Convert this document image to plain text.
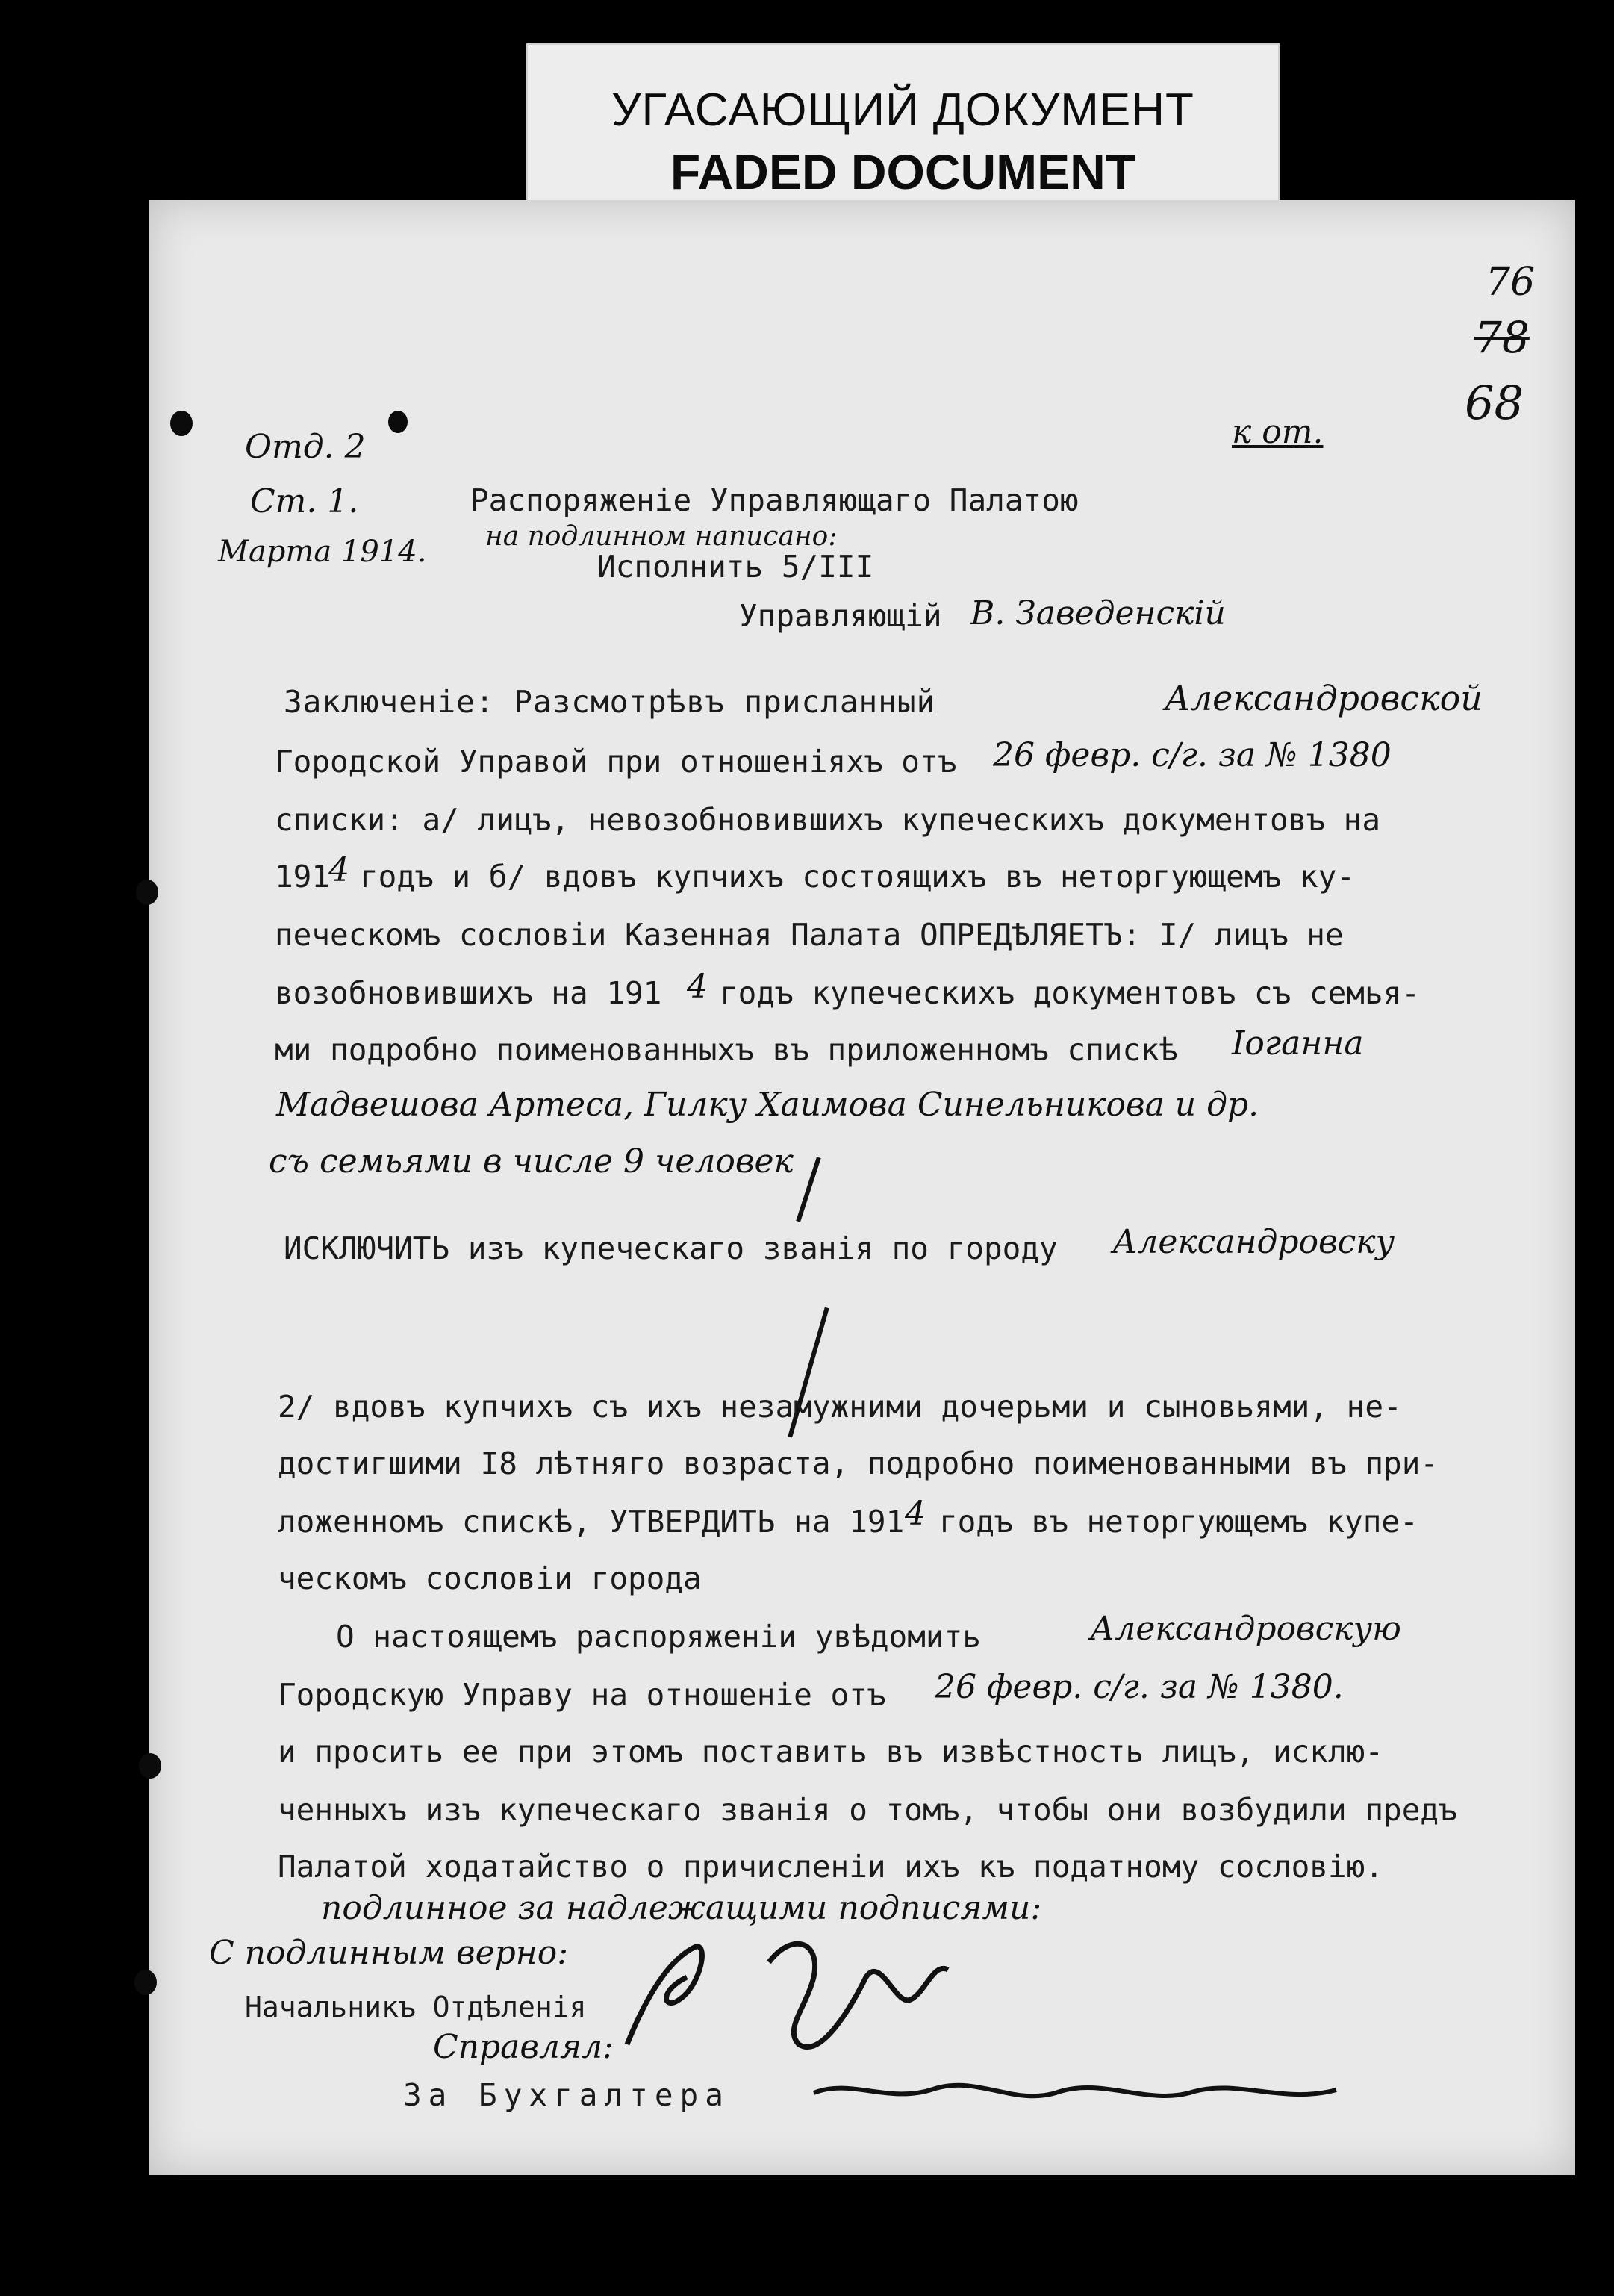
УГАСАЮЩИЙ ДОКУМЕНТ
FADED DOCUMENT
Отд. 2
Ст. 1.
Марта 1914.
76
78
68
к от.
Распоряженіе Управляющаго Палатою
на подлинном написано:
Исполнить 5/III
Управляющій В. Заведенскій
Заключеніе: Разсмотрѣвъ присланный	Александровской
Городской Управой при отношеніяхъ отъ 26 февр. с/г. за № 1380
списки: а/ лицъ, невозобновившихъ купеческихъ документовъ на
191
4 годъ и б/ вдовъ купчихъ состоящихъ въ неторгующемъ ку-
печескомъ сословіи Казенная Палата ОПРЕДѢЛЯЕТЪ: I/ лицъ не
возобновившихъ на 191 4 годъ купеческихъ документовъ съ семья-
ми подробно поименованныхъ въ приложенномъ спискѣ Іоганна
Мадвешова Артеса, Гилку Хаимова Синельникова и др.
съ семьями в числе 9 человек
ИСКЛЮЧИТЬ изъ купеческаго званія по городу Александровску
2/ вдовъ купчихъ съ ихъ незамужними дочерьми и сыновьями, не-
достигшими I8 лѣтняго возраста, подробно поименованными въ при-
ложенномъ спискѣ, УТВЕРДИТЬ на 191 4 годъ въ неторгующемъ купе-
ческомъ сословіи города
О настоящемъ распоряженіи увѣдомить	Александровскую
Городскую Управу на отношеніе отъ 26 февр. с/г. за № 1380.
и просить ее при этомъ поставить въ извѣстность лицъ, исклю-
ченныхъ изъ купеческаго званія о томъ, чтобы они возбудили предъ
Палатой ходатайство о причисленіи ихъ къ податному сословію.
подлинное за надлежащими подписями:
С подлинным верно:
Начальникъ Отдѣленія
Справлял:
За Бухгалтера
